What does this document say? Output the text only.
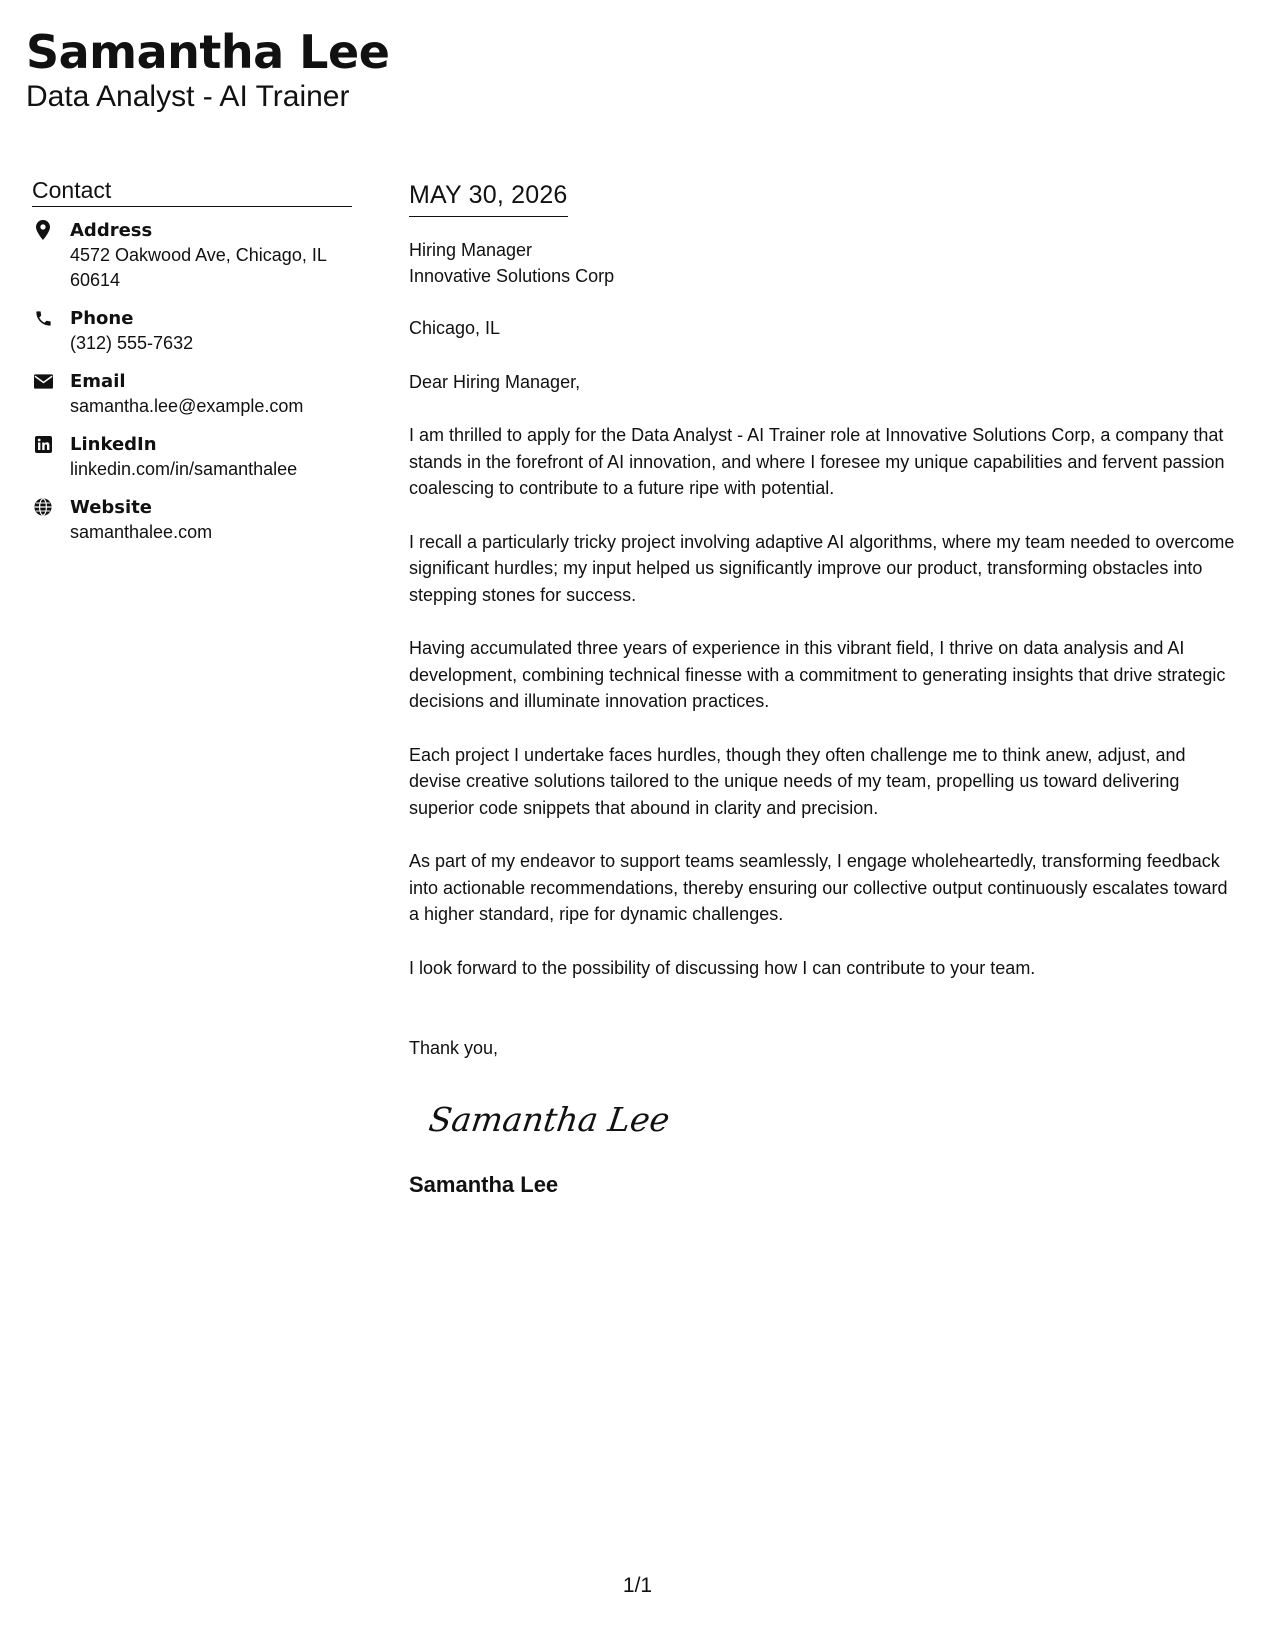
Samantha Lee
Data Analyst - AI Trainer
Contact
Address
4572 Oakwood Ave, Chicago, IL 60614
Phone
(312) 555-7632
Email
samantha.lee@example.com
LinkedIn
linkedin.com/in/samanthalee
Website
samanthalee.com
MAY 30, 2026
Hiring Manager
Innovative Solutions Corp
Chicago, IL
Dear Hiring Manager,
I am thrilled to apply for the Data Analyst - AI Trainer role at Innovative Solutions Corp, a company that stands in the forefront of AI innovation, and where I foresee my unique capabilities and fervent passion coalescing to contribute to a future ripe with potential.
I recall a particularly tricky project involving adaptive AI algorithms, where my team needed to overcome significant hurdles; my input helped us significantly improve our product, transforming obstacles into stepping stones for success.
Having accumulated three years of experience in this vibrant field, I thrive on data analysis and AI development, combining technical finesse with a commitment to generating insights that drive strategic decisions and illuminate innovation practices.
Each project I undertake faces hurdles, though they often challenge me to think anew, adjust, and devise creative solutions tailored to the unique needs of my team, propelling us toward delivering superior code snippets that abound in clarity and precision.
As part of my endeavor to support teams seamlessly, I engage wholeheartedly, transforming feedback into actionable recommendations, thereby ensuring our collective output continuously escalates toward a higher standard, ripe for dynamic challenges.
I look forward to the possibility of discussing how I can contribute to your team.
Thank you,
Samantha Lee
Samantha Lee
1/1
